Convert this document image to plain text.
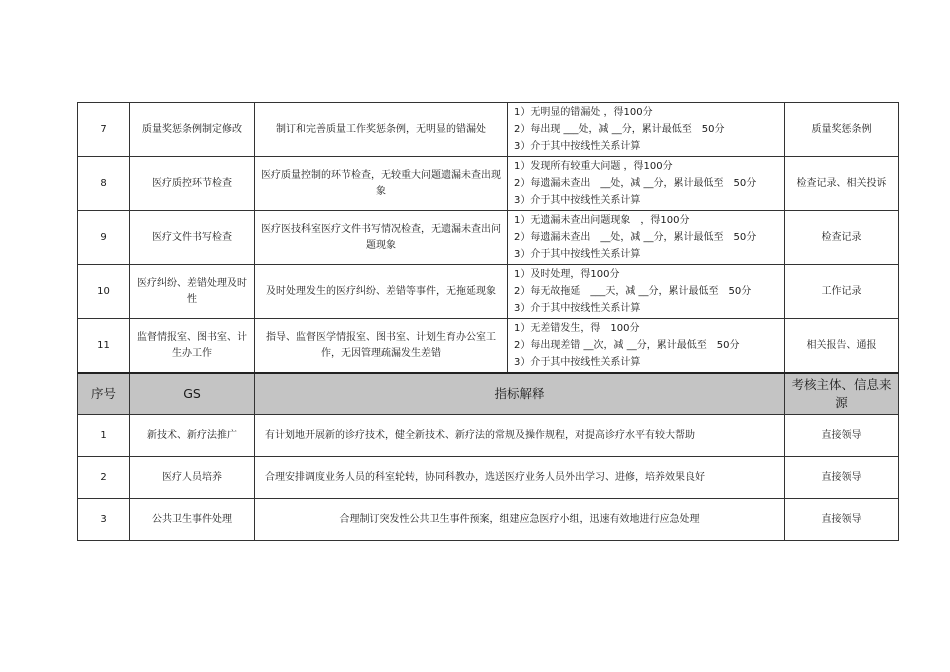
7	质量奖惩条例制定修改	制订和完善质量工作奖惩条例，无明显的错漏处	1）无明显的错漏处 ，得100分
2）每出现 ___处，减 __分，累计最低至　50分
3）介于其中按线性关系计算	质量奖惩条例
8	医疗质控环节检查	医疗质量控制的环节检查，无较重大问题遗漏未查出现象	1）发现所有较重大问题 ，得100分
2）每遗漏未查出　__处，减 __分，累计最低至　50分
3）介于其中按线性关系计算	检查记录、相关投诉
9	医疗文件书写检查	医疗医技科室医疗文件书写情况检查，无遗漏未查出问题现象	1）无遗漏未查出问题现象　，得100分
2）每遗漏未查出　__处，减 __分，累计最低至　50分
3）介于其中按线性关系计算	检查记录
10	医疗纠纷、差错处理及时性	及时处理发生的医疗纠纷、差错等事件，无拖延现象	1）及时处理，得100分
2）每无故拖延　___天，减 __分，累计最低至　50分
3）介于其中按线性关系计算	工作记录
11	监督情报室、图书室、计生办工作	指导、监督医学情报室、图书室、计划生育办公室工作，无因管理疏漏发生差错	1）无差错发生，得　100分
2）每出现差错 __次，减 __分，累计最低至　50分
3）介于其中按线性关系计算	相关报告、通报
序号	GS	指标解释		考核主体、信息来源
1	新技术、新疗法推广	有计划地开展新的诊疗技术，健全新技术、新疗法的常规及操作规程，对提高诊疗水平有较大帮助		直接领导
2	医疗人员培养	合理安排调度业务人员的科室轮转，协同科教办，选送医疗业务人员外出学习、进修，培养效果良好		直接领导
3	公共卫生事件处理	合理制订突发性公共卫生事件预案，组建应急医疗小组，迅速有效地进行应急处理		直接领导
